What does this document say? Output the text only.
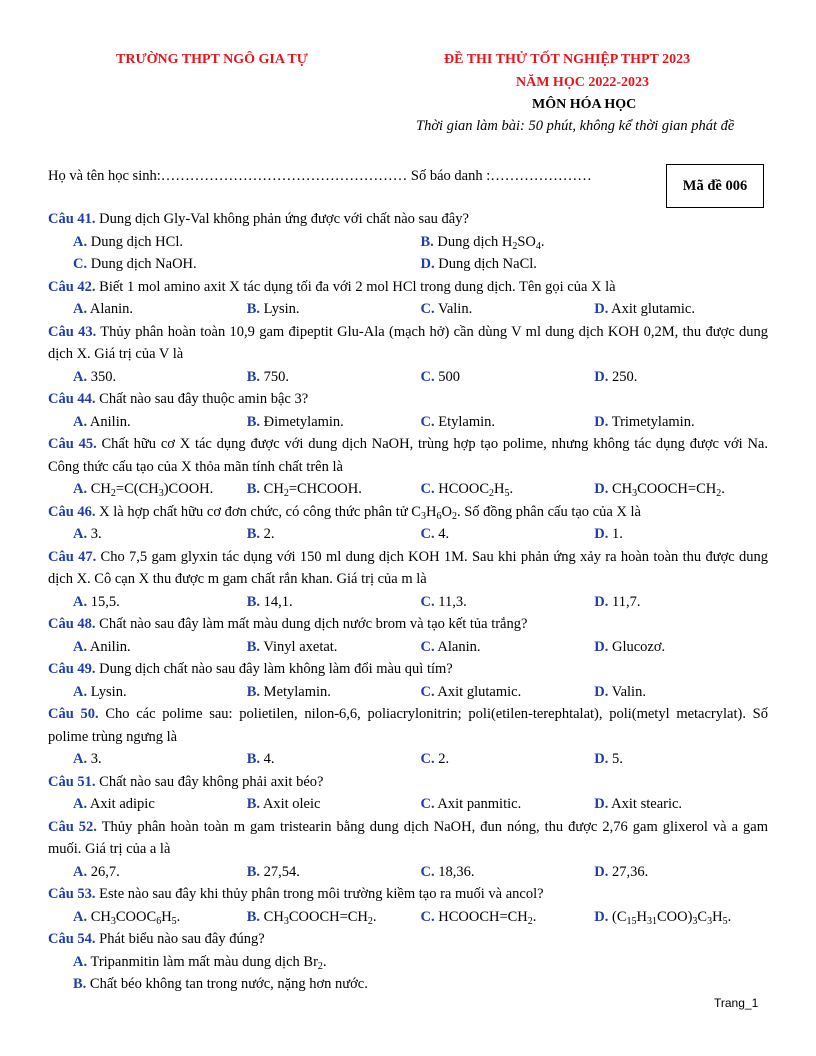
TRƯỜNG THPT NGÔ GIA TỰ	ĐỀ THI THỬ TỐT NGHIỆP THPT 2023
NĂM HỌC 2022-2023
MÔN HÓA HỌC
Thời gian làm bài: 50 phút, không kể thời gian phát đề
Họ và tên học sinh:…………………………………………… Số báo danh :…………………
Mã đề 006
Câu 41. Dung dịch Gly-Val không phản ứng được với chất nào sau đây?
A. Dung dịch HCl.	B. Dung dịch $H_2SO_4$.
C. Dung dịch NaOH.	D. Dung dịch NaCl.
Câu 42. Biết 1 mol amino axit X tác dụng tối đa với 2 mol HCl trong dung dịch. Tên gọi của X là
A. Alanin.	B. Lysin.	C. Valin.	D. Axit glutamic.
Câu 43. Thủy phân hoàn toàn 10,9 gam đipeptit Glu-Ala (mạch hở) cần dùng V ml dung dịch KOH 0,2M, thu được dung dịch X. Giá trị của V là
A. 350.	B. 750.	C. 500	D. 250.
Câu 44. Chất nào sau đây thuộc amin bậc 3?
A. Anilin.	B. Đimetylamin.	C. Etylamin.	D. Trimetylamin.
Câu 45. Chất hữu cơ X tác dụng được với dung dịch NaOH, trùng hợp tạo polime, nhưng không tác dụng được với Na. Công thức cấu tạo của X thỏa mãn tính chất trên là
A. $CH_2=C(CH_3)COOH$.	B. $CH_2=CHCOOH$.	C. $HCOOC_2H_5$.	D. $CH_3COOCH=CH_2$.
Câu 46. X là hợp chất hữu cơ đơn chức, có công thức phân tử $C_3H_6O_2$. Số đồng phân cấu tạo của X là
A. 3.	B. 2.	C. 4.	D. 1.
Câu 47. Cho 7,5 gam glyxin tác dụng với 150 ml dung dịch KOH 1M. Sau khi phản ứng xảy ra hoàn toàn thu được dung dịch X. Cô cạn X thu được m gam chất rắn khan. Giá trị của m là
A. 15,5.	B. 14,1.	C. 11,3.	D. 11,7.
Câu 48. Chất nào sau đây làm mất màu dung dịch nước brom và tạo kết tủa trắng?
A. Anilin.	B. Vinyl axetat.	C. Alanin.	D. Glucozơ.
Câu 49. Dung dịch chất nào sau đây làm không làm đổi màu quì tím?
A. Lysin.	B. Metylamin.	C. Axit glutamic.	D. Valin.
Câu 50. Cho các polime sau: polietilen, nilon-6,6, poliacrylonitrin; poli(etilen-terephtalat), poli(metyl metacrylat). Số polime trùng ngưng là
A. 3.	B. 4.	C. 2.	D. 5.
Câu 51. Chất nào sau đây không phải axit béo?
A. Axit adipic	B. Axit oleic	C. Axit panmitic.	D. Axit stearic.
Câu 52. Thủy phân hoàn toàn m gam tristearin bằng dung dịch NaOH, đun nóng, thu được 2,76 gam glixerol và a gam muối. Giá trị của a là
A. 26,7.	B. 27,54.	C. 18,36.	D. 27,36.
Câu 53. Este nào sau đây khi thủy phân trong môi trường kiềm tạo ra muối và ancol?
A. $CH_3COOC_6H_5$.	B. $CH_3COOCH=CH_2$.	C. $HCOOCH=CH_2$.	D. $(C_{15}H_{31}COO)_3C_3H_5$.
Câu 54. Phát biểu nào sau đây đúng?
A. Tripanmitin làm mất màu dung dịch $Br_2$.
B. Chất béo không tan trong nước, nặng hơn nước.
Trang_1
